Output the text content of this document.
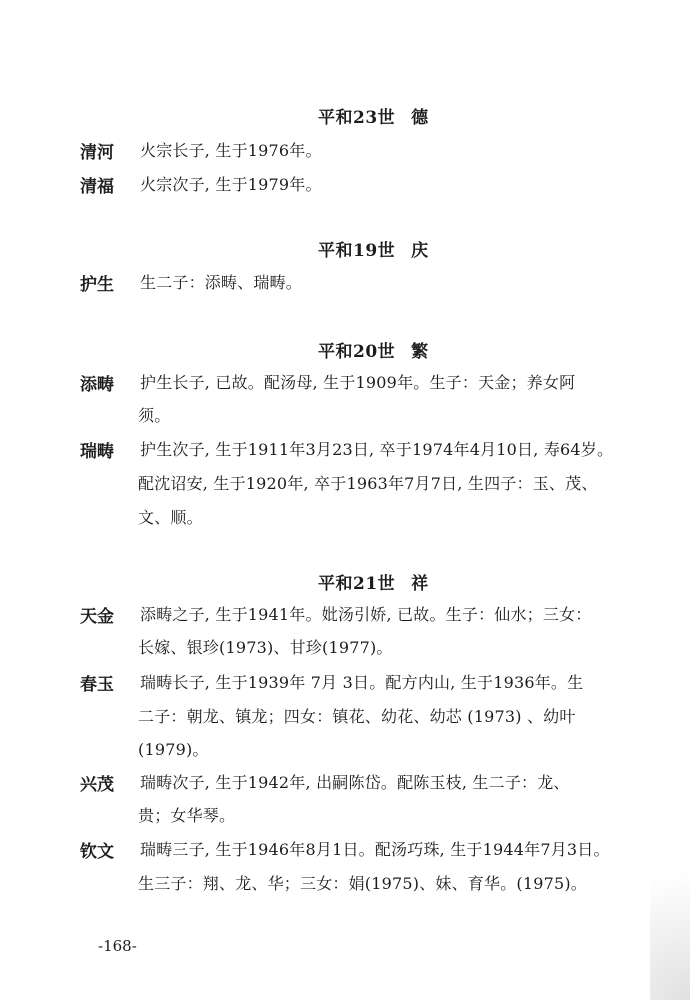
平和23世 德
清河 火宗长子, 生于1976年。
清福 火宗次子, 生于1979年。
平和19世 庆
护生 生二子：添畴、瑞畴。
平和20世 繁
添畴 护生长子, 已故。配汤母, 生于1909年。生子：天金；养女阿
须。
瑞畴 护生次子, 生于1911年3月23日, 卒于1974年4月10日, 寿64岁。
配沈诏安, 生于1920年, 卒于1963年7月7日, 生四子：玉、茂、
文、顺。
平和21世 祥
天金 添畴之子, 生于1941年。妣汤引娇, 已故。生子：仙水；三女：
长嫁、银珍(1973)、甘珍(1977)。
春玉 瑞畴长子, 生于1939年 7月 3日。配方内山, 生于1936年。生
二子：朝龙、镇龙；四女：镇花、幼花、幼芯 (1973) 、幼叶
(1979)。
兴茂 瑞畴次子, 生于1942年, 出嗣陈岱。配陈玉枝, 生二子：龙、
贵；女华琴。
钦文 瑞畴三子, 生于1946年8月1日。配汤巧珠, 生于1944年7月3日。
生三子：翔、龙、华；三女：娟(1975)、妹、育华。(1975)。
-168-
